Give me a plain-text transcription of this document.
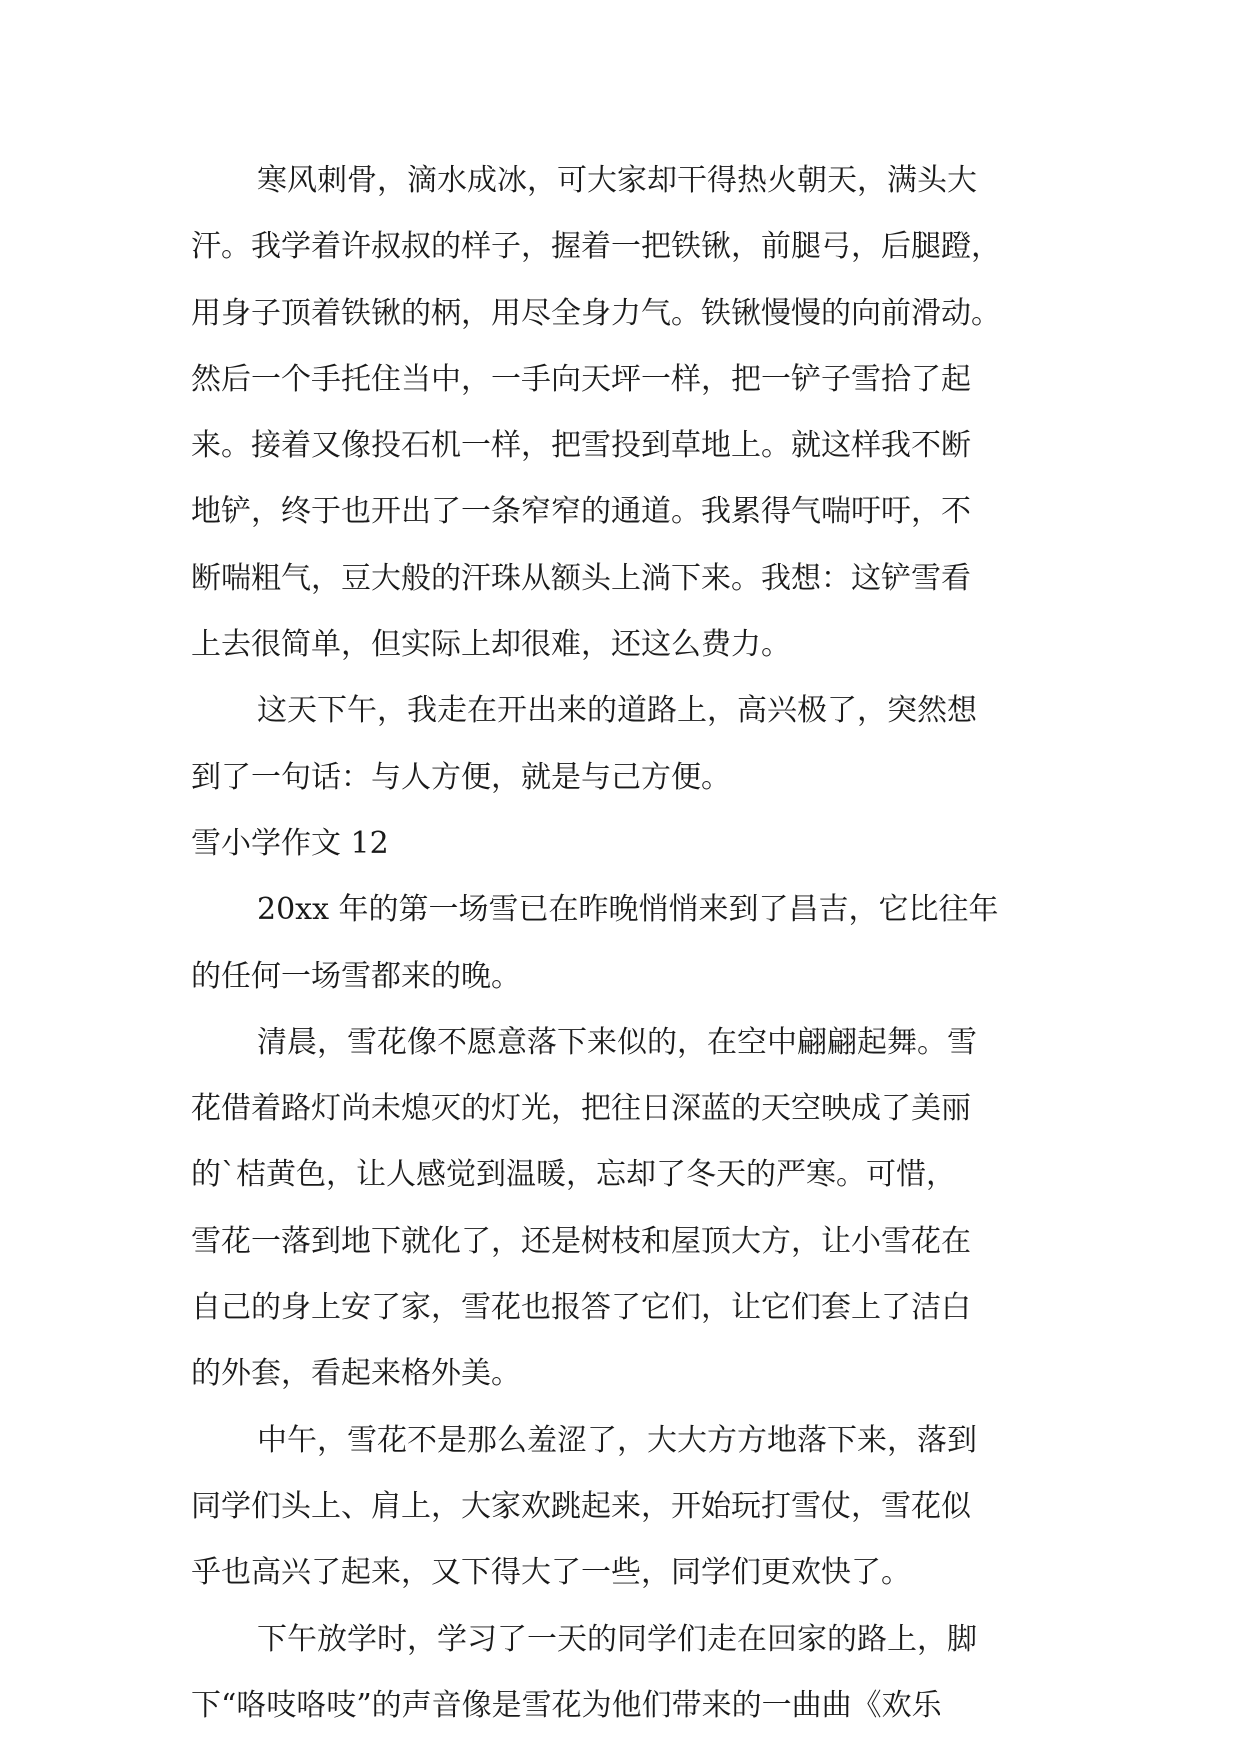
寒风刺骨，滴水成冰，可大家却干得热火朝天，满头大
汗。我学着许叔叔的样子，握着一把铁锹，前腿弓，后腿蹬，
用身子顶着铁锹的柄，用尽全身力气。铁锹慢慢的向前滑动。
然后一个手托住当中，一手向天坪一样，把一铲子雪拾了起
来。接着又像投石机一样，把雪投到草地上。就这样我不断
地铲，终于也开出了一条窄窄的通道。我累得气喘吁吁，不
断喘粗气，豆大般的汗珠从额头上淌下来。我想：这铲雪看
上去很简单，但实际上却很难，还这么费力。
这天下午，我走在开出来的道路上，高兴极了，突然想
到了一句话：与人方便，就是与己方便。
雪小学作文 12
20xx 年的第一场雪已在昨晚悄悄来到了昌吉，它比往年
的任何一场雪都来的晚。
清晨，雪花像不愿意落下来似的，在空中翩翩起舞。雪
花借着路灯尚未熄灭的灯光，把往日深蓝的天空映成了美丽
的`桔黄色，让人感觉到温暖，忘却了冬天的严寒。可惜，
雪花一落到地下就化了，还是树枝和屋顶大方，让小雪花在
自己的身上安了家，雪花也报答了它们，让它们套上了洁白
的外套，看起来格外美。
中午，雪花不是那么羞涩了，大大方方地落下来，落到
同学们头上、肩上，大家欢跳起来，开始玩打雪仗，雪花似
乎也高兴了起来，又下得大了一些，同学们更欢快了。
下午放学时，学习了一天的同学们走在回家的路上，脚
下“咯吱咯吱”的声音像是雪花为他们带来的一曲曲《欢乐
